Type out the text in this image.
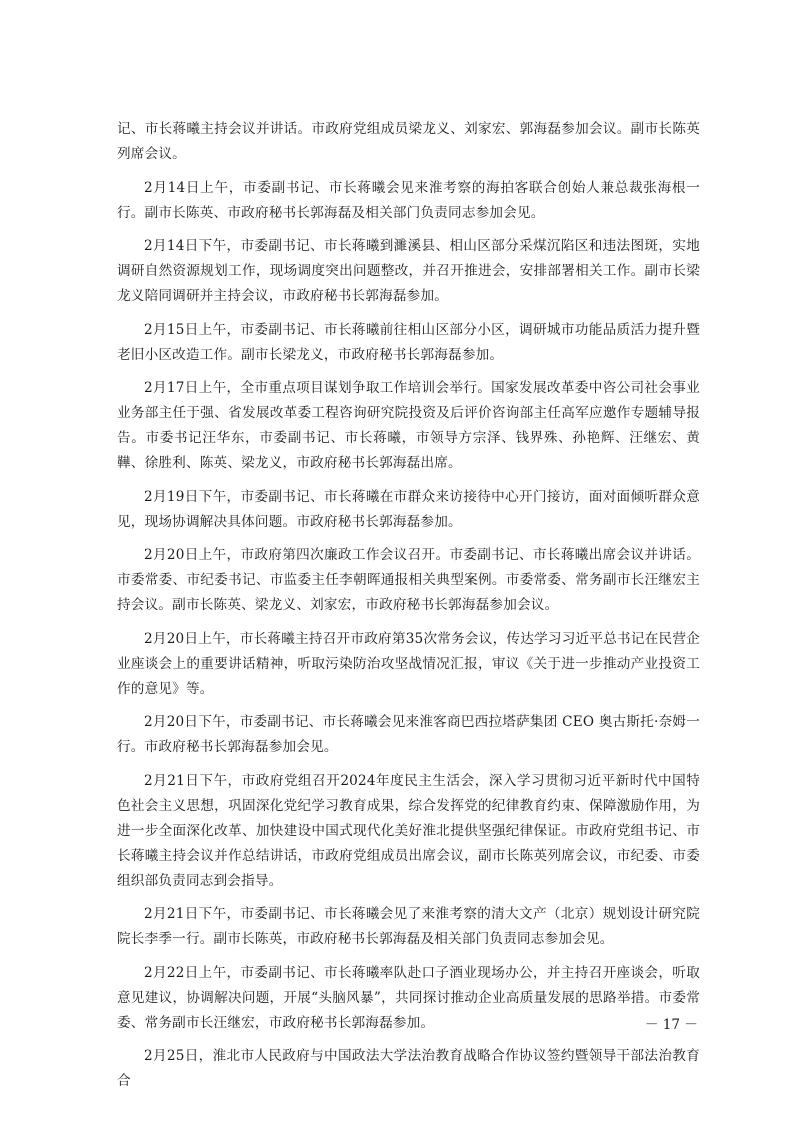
记、市长蒋曦主持会议并讲话。市政府党组成员梁龙义、刘家宏、郭海磊参加会议。副市长陈英列席会议。

2月14日上午，市委副书记、市长蒋曦会见来淮考察的海拍客联合创始人兼总裁张海根一行。副市长陈英、市政府秘书长郭海磊及相关部门负责同志参加会见。

2月14日下午，市委副书记、市长蒋曦到濉溪县、相山区部分采煤沉陷区和违法图斑，实地调研自然资源规划工作，现场调度突出问题整改，并召开推进会，安排部署相关工作。副市长梁龙义陪同调研并主持会议，市政府秘书长郭海磊参加。

2月15日上午，市委副书记、市长蒋曦前往相山区部分小区，调研城市功能品质活力提升暨老旧小区改造工作。副市长梁龙义，市政府秘书长郭海磊参加。

2月17日上午，全市重点项目谋划争取工作培训会举行。国家发展改革委中咨公司社会事业业务部主任于强、省发展改革委工程咨询研究院投资及后评价咨询部主任高军应邀作专题辅导报告。市委书记汪华东，市委副书记、市长蒋曦，市领导方宗泽、钱界殊、孙艳辉、汪继宏、黄鞾、徐胜利、陈英、梁龙义，市政府秘书长郭海磊出席。

2月19日下午，市委副书记、市长蒋曦在市群众来访接待中心开门接访，面对面倾听群众意见，现场协调解决具体问题。市政府秘书长郭海磊参加。

2月20日上午，市政府第四次廉政工作会议召开。市委副书记、市长蒋曦出席会议并讲话。市委常委、市纪委书记、市监委主任李朝晖通报相关典型案例。市委常委、常务副市长汪继宏主持会议。副市长陈英、梁龙义、刘家宏，市政府秘书长郭海磊参加会议。

2月20日上午，市长蒋曦主持召开市政府第35次常务会议，传达学习习近平总书记在民营企业座谈会上的重要讲话精神，听取污染防治攻坚战情况汇报，审议《关于进一步推动产业投资工作的意见》等。

2月20日下午，市委副书记、市长蒋曦会见来淮客商巴西拉塔萨集团 CEO 奥古斯托·奈姆一行。市政府秘书长郭海磊参加会见。

2月21日下午，市政府党组召开2024年度民主生活会，深入学习贯彻习近平新时代中国特色社会主义思想，巩固深化党纪学习教育成果，综合发挥党的纪律教育约束、保障激励作用，为进一步全面深化改革、加快建设中国式现代化美好淮北提供坚强纪律保证。市政府党组书记、市长蒋曦主持会议并作总结讲话，市政府党组成员出席会议，副市长陈英列席会议，市纪委、市委组织部负责同志到会指导。

2月21日下午，市委副书记、市长蒋曦会见了来淮考察的清大文产（北京）规划设计研究院院长李季一行。副市长陈英，市政府秘书长郭海磊及相关部门负责同志参加会见。

2月22日上午，市委副书记、市长蒋曦率队赴口子酒业现场办公，并主持召开座谈会，听取意见建议，协调解决问题，开展“头脑风暴”，共同探讨推动企业高质量发展的思路举措。市委常委、常务副市长汪继宏，市政府秘书长郭海磊参加。

2月25日，淮北市人民政府与中国政法大学法治教育战略合作协议签约暨领导干部法治教育合

－ 17 －
